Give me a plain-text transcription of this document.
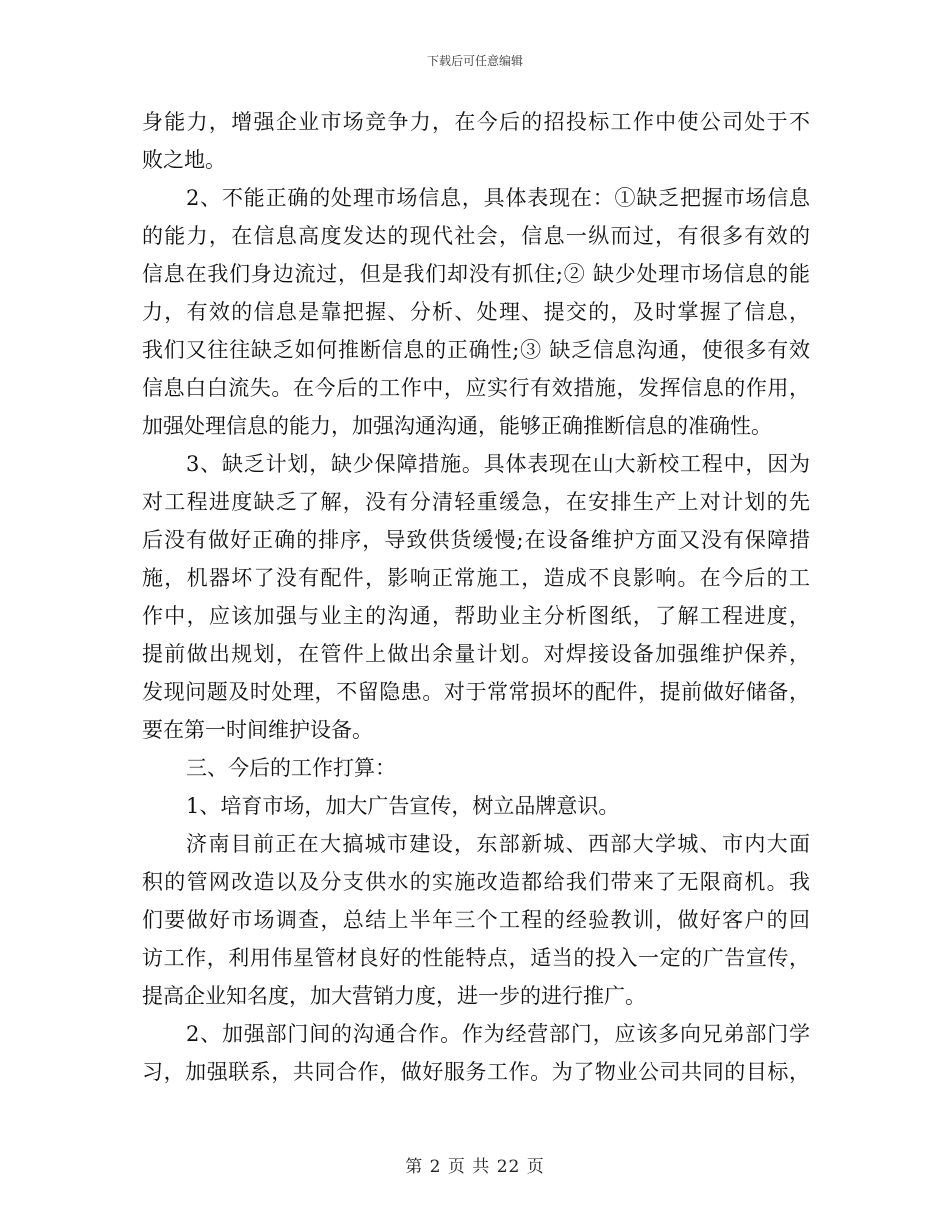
下载后可任意编辑
身能力，增强企业市场竞争力，在今后的招投标工作中使公司处于不
败之地。
2、不能正确的处理市场信息，具体表现在：①缺乏把握市场信息
的能力，在信息高度发达的现代社会，信息一纵而过，有很多有效的
信息在我们身边流过，但是我们却没有抓住;② 缺少处理市场信息的能
力，有效的信息是靠把握、分析、处理、提交的，及时掌握了信息，
我们又往往缺乏如何推断信息的正确性;③ 缺乏信息沟通，使很多有效
信息白白流失。在今后的工作中，应实行有效措施，发挥信息的作用，
加强处理信息的能力，加强沟通沟通，能够正确推断信息的准确性。
3、缺乏计划，缺少保障措施。具体表现在山大新校工程中，因为
对工程进度缺乏了解，没有分清轻重缓急，在安排生产上对计划的先
后没有做好正确的排序，导致供货缓慢;在设备维护方面又没有保障措
施，机器坏了没有配件，影响正常施工，造成不良影响。在今后的工
作中，应该加强与业主的沟通，帮助业主分析图纸，了解工程进度，
提前做出规划，在管件上做出余量计划。对焊接设备加强维护保养，
发现问题及时处理，不留隐患。对于常常损坏的配件，提前做好储备，
要在第一时间维护设备。
三、今后的工作打算：
1、培育市场，加大广告宣传，树立品牌意识。
济南目前正在大搞城市建设，东部新城、西部大学城、市内大面
积的管网改造以及分支供水的实施改造都给我们带来了无限商机。我
们要做好市场调查，总结上半年三个工程的经验教训，做好客户的回
访工作，利用伟星管材良好的性能特点，适当的投入一定的广告宣传，
提高企业知名度，加大营销力度，进一步的进行推广。
2、加强部门间的沟通合作。作为经营部门，应该多向兄弟部门学
习，加强联系，共同合作，做好服务工作。为了物业公司共同的目标，
第 2 页 共 22 页
